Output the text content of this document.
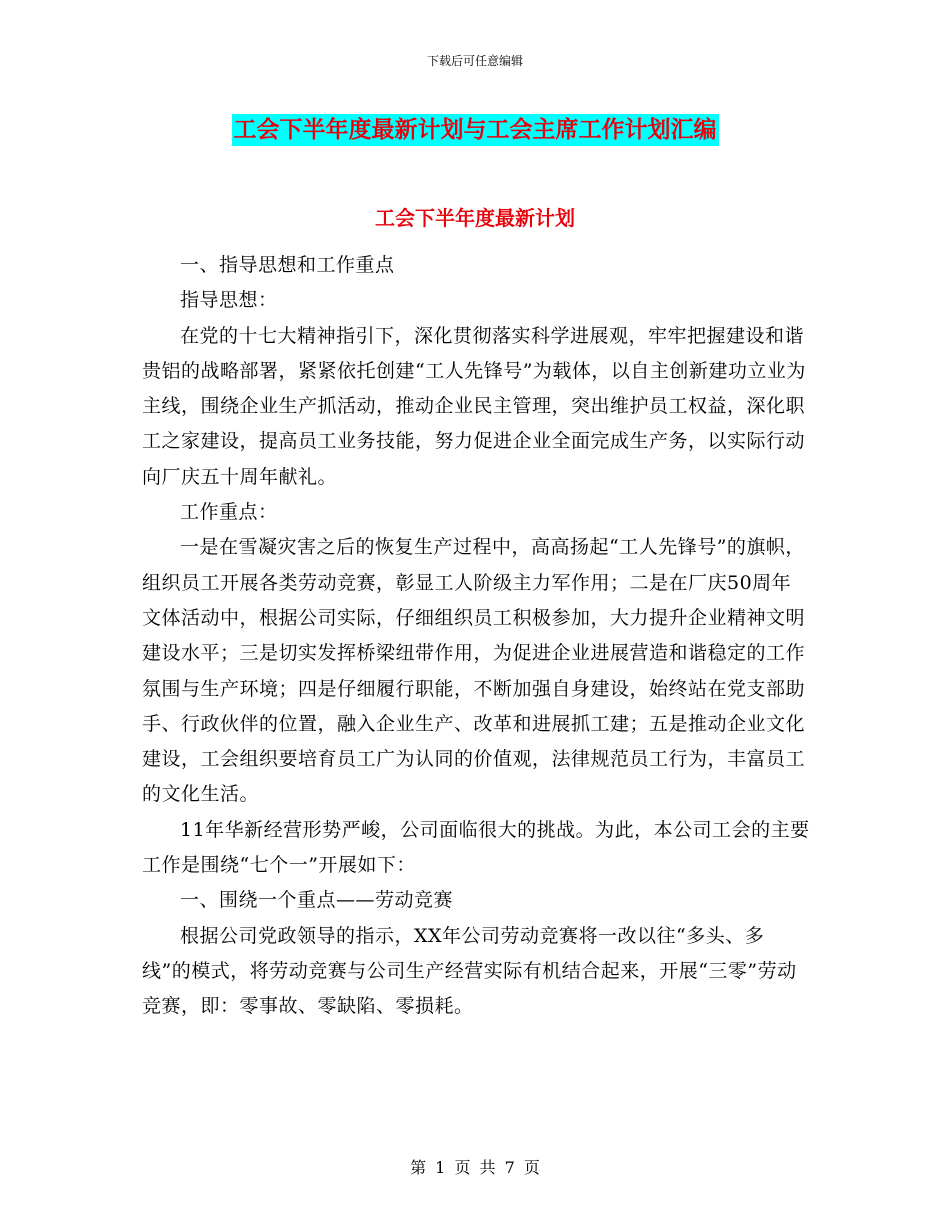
下载后可任意编辑
工会下半年度最新计划与工会主席工作计划汇编
工会下半年度最新计划

一、指导思想和工作重点

指导思想：

在党的十七大精神指引下，深化贯彻落实科学进展观，牢牢把握建设和谐贵铝的战略部署，紧紧依托创建“工人先锋号”为载体，以自主创新建功立业为主线，围绕企业生产抓活动，推动企业民主管理，突出维护员工权益，深化职工之家建设，提高员工业务技能，努力促进企业全面完成生产务，以实际行动向厂庆五十周年献礼。

工作重点：

一是在雪凝灾害之后的恢复生产过程中，高高扬起“工人先锋号”的旗帜，组织员工开展各类劳动竞赛，彰显工人阶级主力军作用；二是在厂庆50周年文体活动中，根据公司实际，仔细组织员工积极参加，大力提升企业精神文明建设水平；三是切实发挥桥梁纽带作用，为促进企业进展营造和谐稳定的工作氛围与生产环境；四是仔细履行职能，不断加强自身建设，始终站在党支部助手、行政伙伴的位置，融入企业生产、改革和进展抓工建；五是推动企业文化建设，工会组织要培育员工广为认同的价值观，法律规范员工行为，丰富员工的文化生活。

11年华新经营形势严峻，公司面临很大的挑战。为此，本公司工会的主要工作是围绕“七个一”开展如下：

一、围绕一个重点——劳动竞赛

根据公司党政领导的指示，XX年公司劳动竞赛将一改以往“多头、多线”的模式，将劳动竞赛与公司生产经营实际有机结合起来，开展“三零”劳动竞赛，即：零事故、零缺陷、零损耗。

第 1 页 共 7 页
